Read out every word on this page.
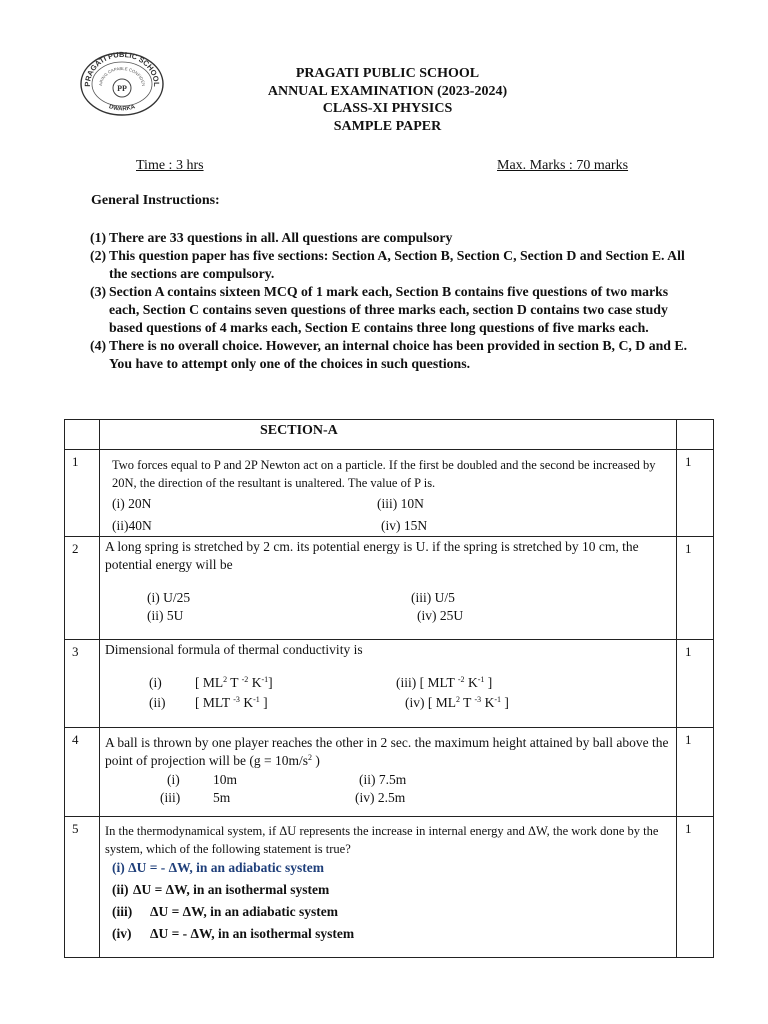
PRAGATI PUBLIC SCHOOL
ARING CAPABLE CONFIDEN
DWARKA
PP
PRAGATI PUBLIC SCHOOL
ANNUAL EXAMINATION (2023-2024)
CLASS-XI PHYSICS
SAMPLE PAPER
Time : 3 hrs	Max. Marks : 70 marks
General Instructions:
(1) There are 33 questions in all. All questions are compulsory
(2) This question paper has five sections: Section A, Section B, Section C, Section D and Section E. All the sections are compulsory.
(3) Section A contains sixteen MCQ of 1 mark each, Section B contains five questions of two marks each, Section C contains seven questions of three marks each, section D contains two case study based questions of 4 marks each, Section E contains three long questions of five marks each.
(4) There is no overall choice. However, an internal choice has been provided in section B, C, D and E. You have to attempt only one of the choices in such questions.
SECTION-A
1	Two forces equal to P and 2P Newton act on a particle. If the first be doubled and the second be increased by 20N, the direction of the resultant is unaltered. The value of P is.
(i) 20N	(iii) 10N
(ii)40N	(iv) 15N
1
2 A long spring is stretched by 2 cm. its potential energy is U. if the spring is stretched by 10 cm, the potential energy will be
(i) U/25	(iii) U/5
(ii) 5U	(iv) 25U
1
3 Dimensional formula of thermal conductivity is
(i) [ $ML^2$ T $^{-2}$ $K^{-1}$]	(iii) [ MLT $^{-2}$ $K^{-1}$ ]
(ii) [ MLT $^{-3}$ $K^{-1}$ ]	(iv) [ $ML^2$ T $^{-3}$ $K^{-1}$ ]
1
4 A ball is thrown by one player reaches the other in 2 sec. the maximum height attained by ball above the point of projection will be ($g = 10m/s^2$ )
(i) 10m	(ii) 7.5m
(iii) 5m	(iv) 2.5m
1
5 In the thermodynamical system, if ΔU represents the increase in internal energy and ΔW, the work done by the system, which of the following statement is true?
(i) ΔU = - ΔW, in an adiabatic system
(ii) ΔU = ΔW, in an isothermal system
(iii) ΔU = ΔW, in an adiabatic system
(iv) ΔU = - ΔW, in an isothermal system
1
